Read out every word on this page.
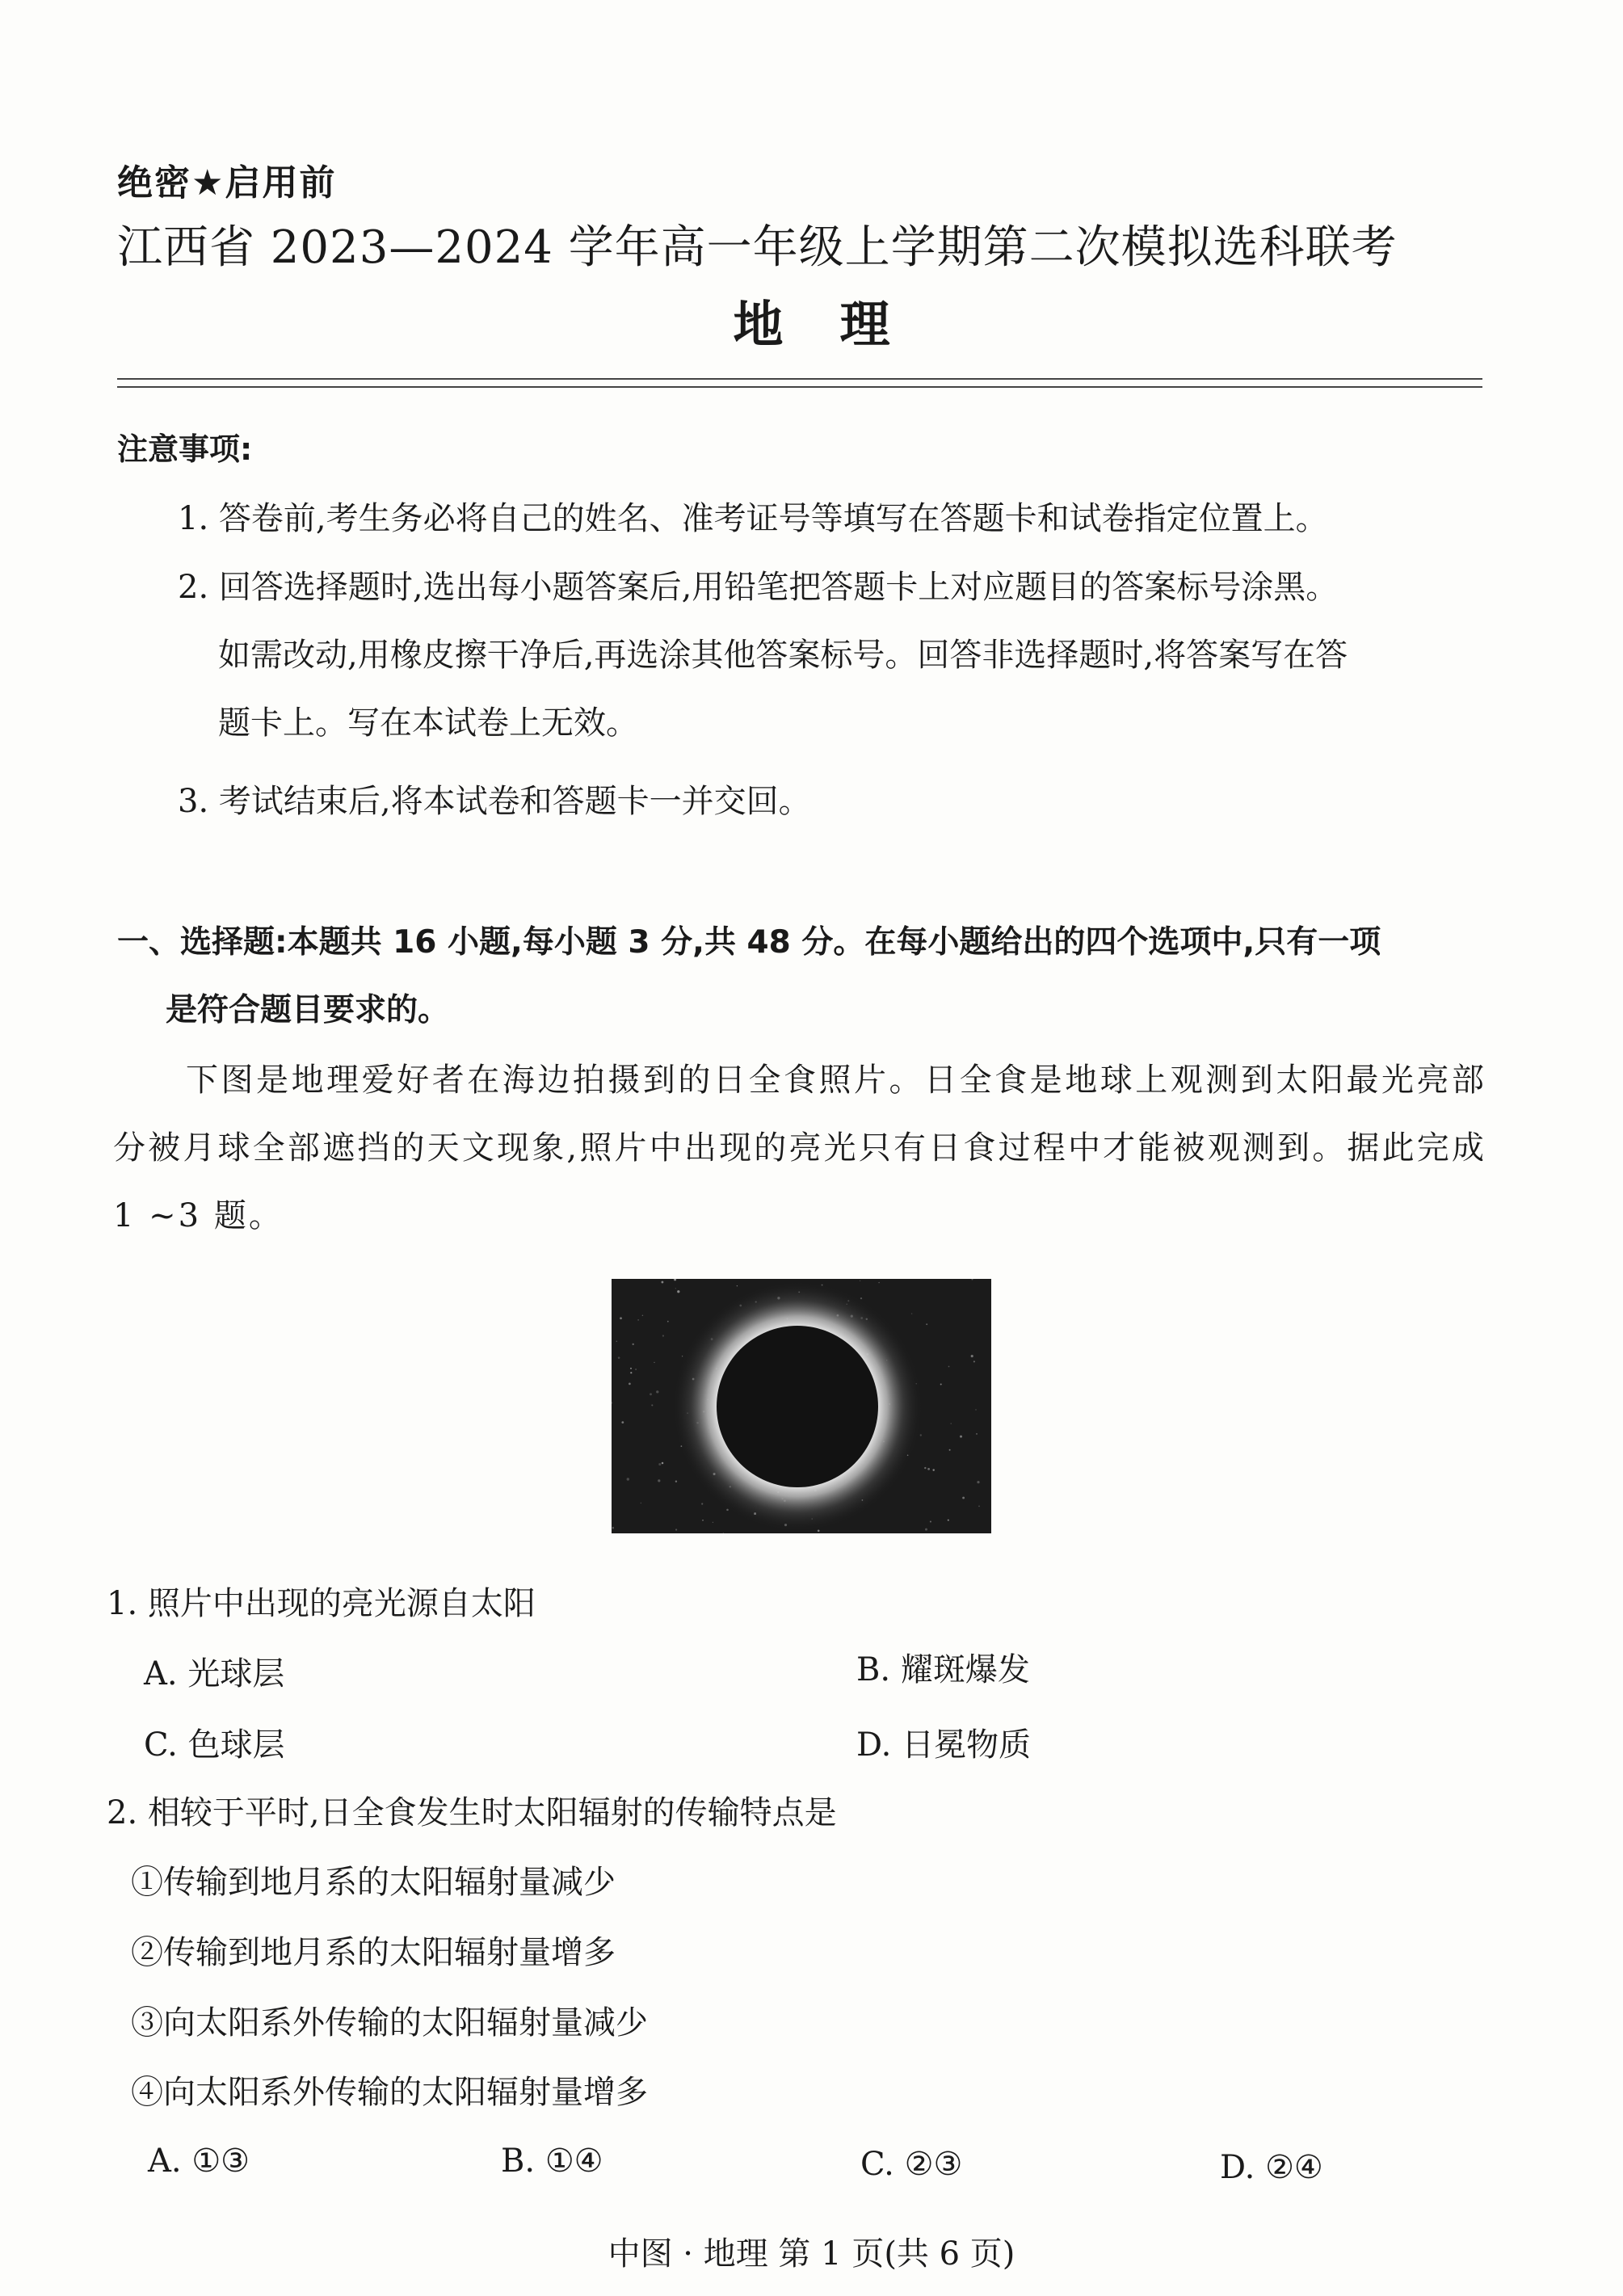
绝密★启用前
江西省 2023—2024 学年高一年级上学期第二次模拟选科联考
地理
注意事项:
1. 答卷前,考生务必将自己的姓名、准考证号等填写在答题卡和试卷指定位置上。
2. 回答选择题时,选出每小题答案后,用铅笔把答题卡上对应题目的答案标号涂黑。
如需改动,用橡皮擦干净后,再选涂其他答案标号。回答非选择题时,将答案写在答
题卡上。写在本试卷上无效。
3. 考试结束后,将本试卷和答题卡一并交回。
一、选择题:本题共 16 小题,每小题 3 分,共 48 分。在每小题给出的四个选项中,只有一项
是符合题目要求的。
下图是地理爱好者在海边拍摄到的日全食照片。日全食是地球上观测到太阳最光亮部分被月球全部遮挡的天文现象,照片中出现的亮光只有日食过程中才能被观测到。据此完成 1 ~3 题。
1. 照片中出现的亮光源自太阳
A. 光球层	B. 耀斑爆发
C. 色球层	D. 日冕物质
2. 相较于平时,日全食发生时太阳辐射的传输特点是
①传输到地月系的太阳辐射量减少
②传输到地月系的太阳辐射量增多
③向太阳系外传输的太阳辐射量减少
④向太阳系外传输的太阳辐射量增多
A. ①③	B. ①④	C. ②③	D. ②④
中图 · 地理 第 1 页(共 6 页)
